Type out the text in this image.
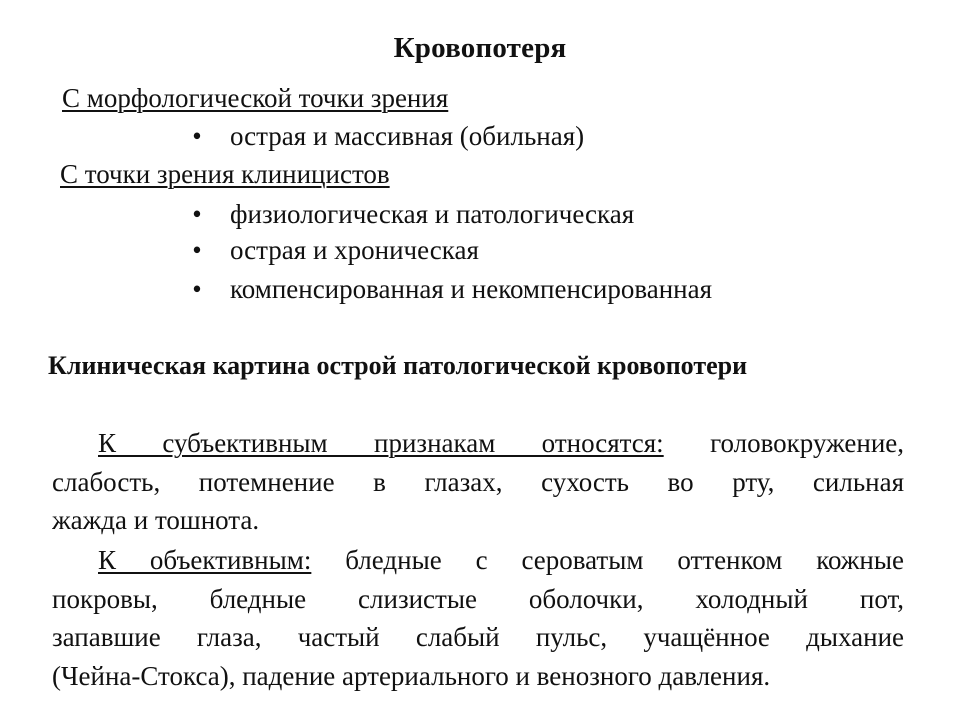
Кровопотеря
С морфологической точки зрения
• острая и массивная (обильная)
С точки зрения клиницистов
• физиологическая и патологическая
• острая и хроническая
• компенсированная и некомпенсированная
Клиническая картина острой патологической кровопотери
К субъективным признакам относятся: головокружение,
слабость, потемнение в глазах, сухость во рту, сильная
жажда и тошнота.
К объективным: бледные с сероватым оттенком кожные
покровы, бледные слизистые оболочки, холодный пот,
запавшие глаза, частый слабый пульс, учащённое дыхание
(Чейна-Стокса), падение артериального и венозного давления.
